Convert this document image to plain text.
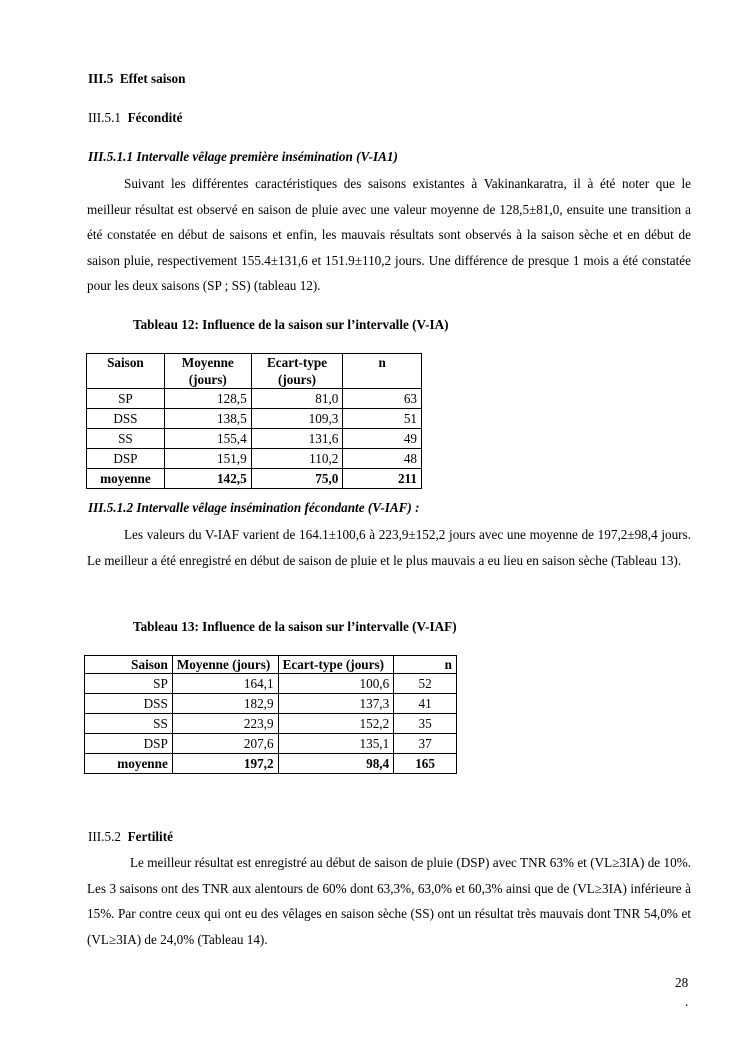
III.5 Effet saison
III.5.1 Fécondité
III.5.1.1 Intervalle vêlage première insémination (V-IA1)

Suivant les différentes caractéristiques des saisons existantes à Vakinankaratra, il à été noter que le meilleur résultat est observé en saison de pluie avec une valeur moyenne de 128,5±81,0, ensuite une transition a été constatée en début de saisons et enfin, les mauvais résultats sont observés à la saison sèche et en début de saison pluie, respectivement 155.4±131,6 et 151.9±110,2 jours. Une différence de presque 1 mois a été constatée pour les deux saisons (SP ; SS) (tableau 12).

Tableau 12: Influence de la saison sur l’intervalle (V-IA)
Saison	Moyenne (jours)	Ecart-type (jours)	n
SP	128,5	81,0	63
DSS	138,5	109,3	51
SS	155,4	131,6	49
DSP	151,9	110,2	48
moyenne	142,5	75,0	211
III.5.1.2 Intervalle vêlage insémination fécondante (V-IAF) :

Les valeurs du V-IAF varient de 164.1±100,6 à 223,9±152,2 jours avec une moyenne de 197,2±98,4 jours. Le meilleur a été enregistré en début de saison de pluie et le plus mauvais a eu lieu en saison sèche (Tableau 13).

Tableau 13: Influence de la saison sur l’intervalle (V-IAF)
Saison	Moyenne (jours)	Ecart-type (jours)	n
SP	164,1	100,6	52
DSS	182,9	137,3	41
SS	223,9	152,2	35
DSP	207,6	135,1	37
moyenne	197,2	98,4	165
III.5.2 Fertilité

Le meilleur résultat est enregistré au début de saison de pluie (DSP) avec TNR 63% et (VL≥3IA) de 10%. Les 3 saisons ont des TNR aux alentours de 60% dont 63,3%, 63,0% et 60,3% ainsi que de (VL≥3IA) inférieure à 15%. Par contre ceux qui ont eu des vêlages en saison sèche (SS) ont un résultat très mauvais dont TNR 54,0% et (VL≥3IA) de 24,0% (Tableau 14).

28
.
